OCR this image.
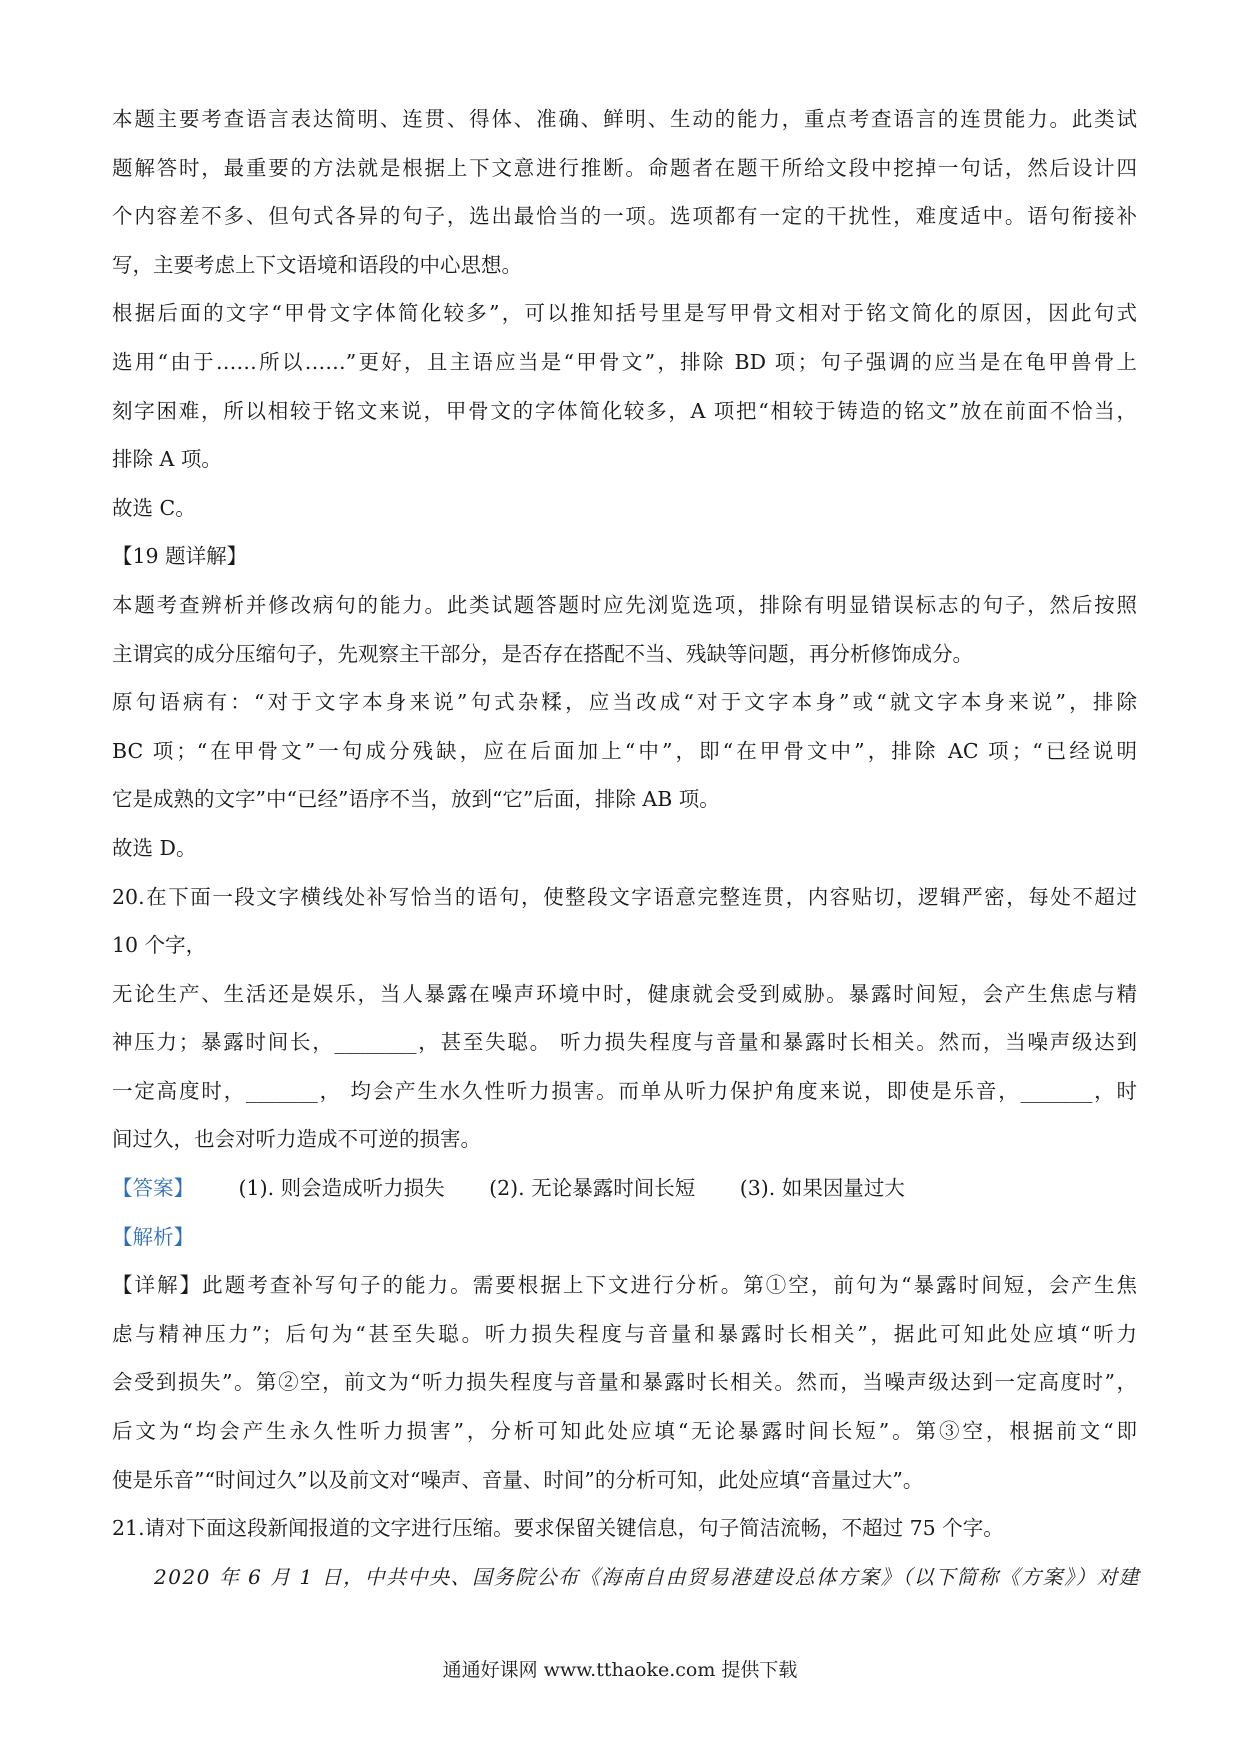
本题主要考查语言表达简明、连贯、得体、准确、鲜明、生动的能力，重点考查语言的连贯能力。此类试
题解答时，最重要的方法就是根据上下文意进行推断。命题者在题干所给文段中挖掉一句话，然后设计四
个内容差不多、但句式各异的句子，选出最恰当的一项。选项都有一定的干扰性，难度适中。语句衔接补
写，主要考虑上下文语境和语段的中心思想。
根据后面的文字“甲骨文字体简化较多”，可以推知括号里是写甲骨文相对于铭文简化的原因，因此句式
选用“由于……所以……”更好，且主语应当是“甲骨文”，排除 BD 项；句子强调的应当是在龟甲兽骨上
刻字困难，所以相较于铭文来说，甲骨文的字体简化较多，A 项把“相较于铸造的铭文”放在前面不恰当，
排除 A 项。
故选 C。
【19 题详解】
本题考查辨析并修改病句的能力。此类试题答题时应先浏览选项，排除有明显错误标志的句子，然后按照
主谓宾的成分压缩句子，先观察主干部分，是否存在搭配不当、残缺等问题，再分析修饰成分。
原句语病有：“对于文字本身来说”句式杂糅，应当改成“对于文字本身”或“就文字本身来说”，排除
BC 项；“在甲骨文”一句成分残缺，应在后面加上“中”，即“在甲骨文中”，排除 AC 项；“已经说明
它是成熟的文字”中“已经”语序不当，放到“它”后面，排除 AB 项。
故选 D。
20.在下面一段文字横线处补写恰当的语句，使整段文字语意完整连贯，内容贴切，逻辑严密，每处不超过
10 个字，
无论生产、生活还是娱乐，当人暴露在噪声环境中时，健康就会受到威胁。暴露时间短，会产生焦虑与精
神压力；暴露时间长，________，甚至失聪。 听力损失程度与音量和暴露时长相关。然而，当噪声级达到
一定高度时，_______， 均会产生水久性听力损害。而单从听力保护角度来说，即使是乐音，_______，时
间过久，也会对听力造成不可逆的损害。
【答案】 (1). 则会造成听力损失 (2). 无论暴露时间长短 (3). 如果因量过大
【解析】
【详解】此题考查补写句子的能力。需要根据上下文进行分析。第①空，前句为“暴露时间短，会产生焦
虑与精神压力”；后句为“甚至失聪。听力损失程度与音量和暴露时长相关”，据此可知此处应填“听力
会受到损失”。第②空，前文为“听力损失程度与音量和暴露时长相关。然而，当噪声级达到一定高度时”，
后文为“均会产生永久性听力损害”，分析可知此处应填“无论暴露时间长短”。第③空，根据前文“即
使是乐音”“时间过久”以及前文对“噪声、音量、时间”的分析可知，此处应填“音量过大”。
21.请对下面这段新闻报道的文字进行压缩。要求保留关键信息，句子简洁流畅，不超过 75 个字。
2020 年 6 月 1 日，中共中央、国务院公布《海南自由贸易港建设总体方案》（以下简称《方案》）对建
通通好课网 www.tthaoke.com 提供下载
